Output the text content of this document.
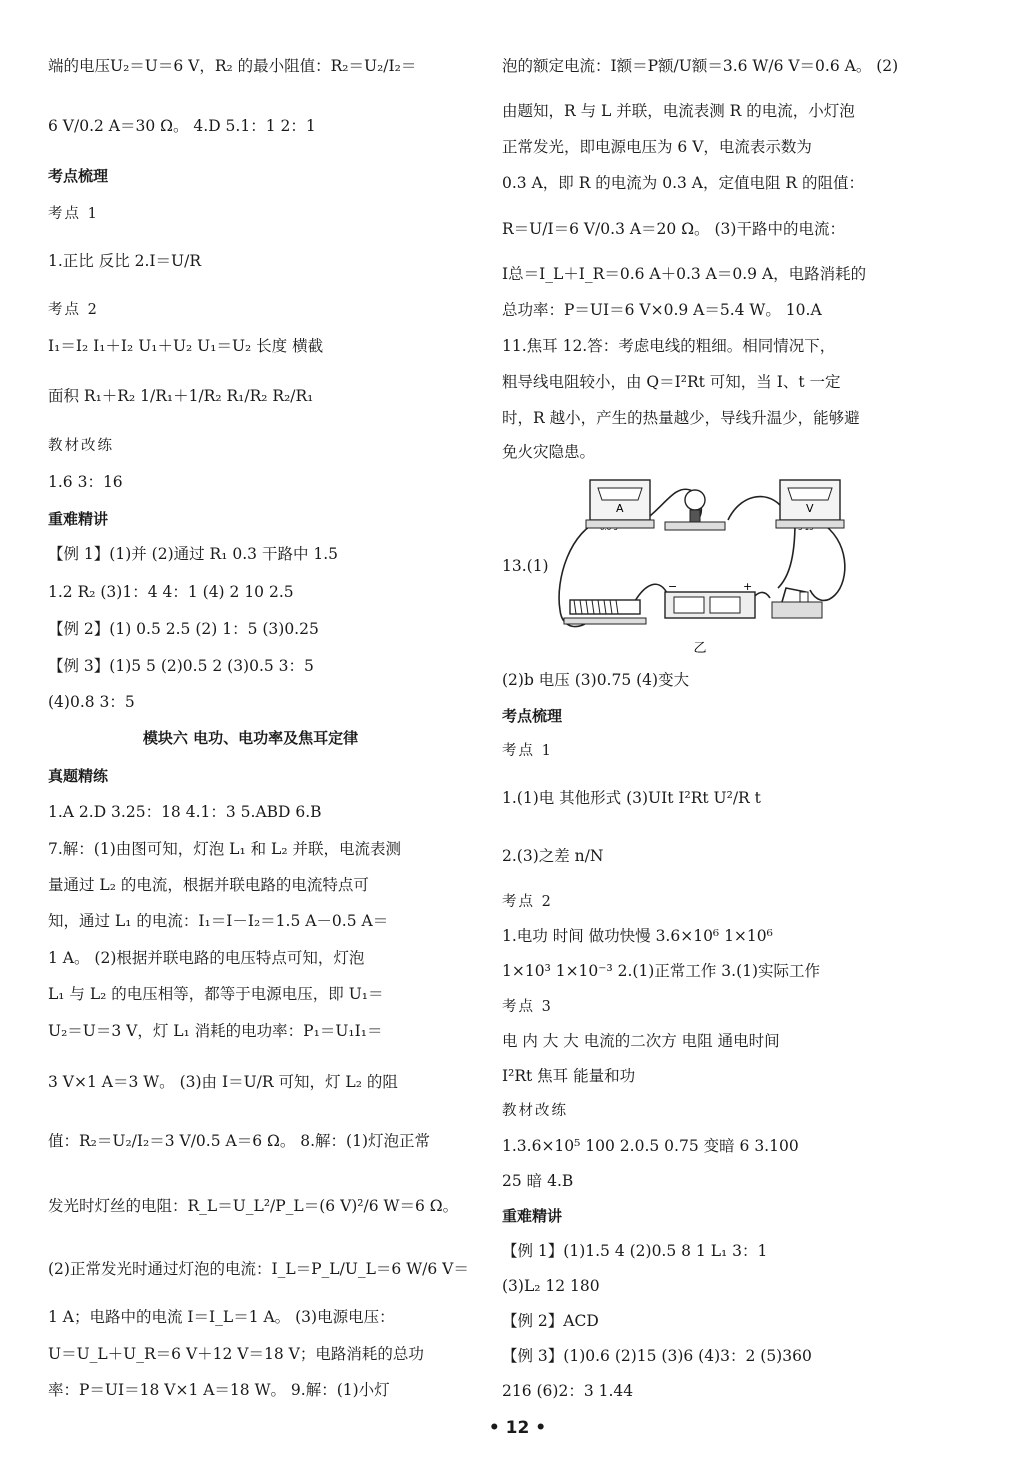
端的电压U₂＝U＝6 V，R₂ 的最小阻值：R₂＝U₂/I₂＝
6 V/0.2 A＝30 Ω。 4.D 5.1：1 2：1
考点梳理
考点 1
1.正比 反比 2.I＝U/R
考点 2
I₁＝I₂ I₁＋I₂ U₁＋U₂ U₁＝U₂ 长度 横截
面积 R₁＋R₂ 1/R₁＋1/R₂ R₁/R₂ R₂/R₁
教材改练
1.6 3：16
重难精讲
【例 1】(1)并 (2)通过 R₁ 0.3 干路中 1.5
1.2 R₂ (3)1：4 4：1 (4) 2 10 2.5
【例 2】(1) 0.5 2.5 (2) 1：5 (3)0.25
【例 3】(1)5 5 (2)0.5 2 (3)0.5 3：5
(4)0.8 3：5
模块六 电功、电功率及焦耳定律
真题精练
1.A 2.D 3.25：18 4.1：3 5.ABD 6.B
7.解：(1)由图可知，灯泡 L₁ 和 L₂ 并联，电流表测
量通过 L₂ 的电流，根据并联电路的电流特点可
知，通过 L₁ 的电流：I₁＝I－I₂＝1.5 A－0.5 A＝
1 A。 (2)根据并联电路的电压特点可知，灯泡
L₁ 与 L₂ 的电压相等，都等于电源电压，即 U₁＝
U₂＝U＝3 V，灯 L₁ 消耗的电功率：P₁＝U₁I₁＝
3 V×1 A＝3 W。 (3)由 I＝U/R 可知，灯 L₂ 的阻
值：R₂＝U₂/I₂＝3 V/0.5 A＝6 Ω。 8.解：(1)灯泡正常
发光时灯丝的电阻：R_L＝U_L²/P_L＝(6 V)²/6 W＝6 Ω。
(2)正常发光时通过灯泡的电流：I_L＝P_L/U_L＝6 W/6 V＝
1 A；电路中的电流 I＝I_L＝1 A。 (3)电源电压：
U＝U_L＋U_R＝6 V＋12 V＝18 V；电路消耗的总功
率：P＝UI＝18 V×1 A＝18 W。 9.解：(1)小灯
泡的额定电流：I额＝P额/U额＝3.6 W/6 V＝0.6 A。 (2)
由题知，R 与 L 并联，电流表测 R 的电流，小灯泡
正常发光，即电源电压为 6 V，电流表示数为
0.3 A，即 R 的电流为 0.3 A，定值电阻 R 的阻值：
R＝U/I＝6 V/0.3 A＝20 Ω。 (3)干路中的电流：
I总＝I_L＋I_R＝0.6 A＋0.3 A＝0.9 A，电路消耗的
总功率：P＝UI＝6 V×0.9 A＝5.4 W。 10.A
11.焦耳 12.答：考虑电线的粗细。相同情况下，
粗导线电阻较小，由 Q＝I²Rt 可知，当 I、t 一定
时，R 越小，产生的热量越少，导线升温少，能够避
免火灾隐患。
13.(1)
(2)b 电压 (3)0.75 (4)变大
考点梳理
考点 1
1.(1)电 其他形式 (3)UIt I²Rt U²/R t
2.(3)之差 n/N
考点 2
1.电功 时间 做功快慢 3.6×10⁶ 1×10⁶
1×10³ 1×10⁻³ 2.(1)正常工作 3.(1)实际工作
考点 3
电 内 大 大 电流的二次方 电阻 通电时间
I²Rt 焦耳 能量和功
教材改练
1.3.6×10⁵ 100 2.0.5 0.75 变暗 6 3.100
25 暗 4.B
重难精讲
【例 1】(1)1.5 4 (2)0.5 8 1 L₁ 3：1
(3)L₂ 12 180
【例 2】ACD
【例 3】(1)0.6 (2)15 (3)6 (4)3：2 (5)360
216 (6)2：3 1.44
A	V
−	+
乙
• 12 •
